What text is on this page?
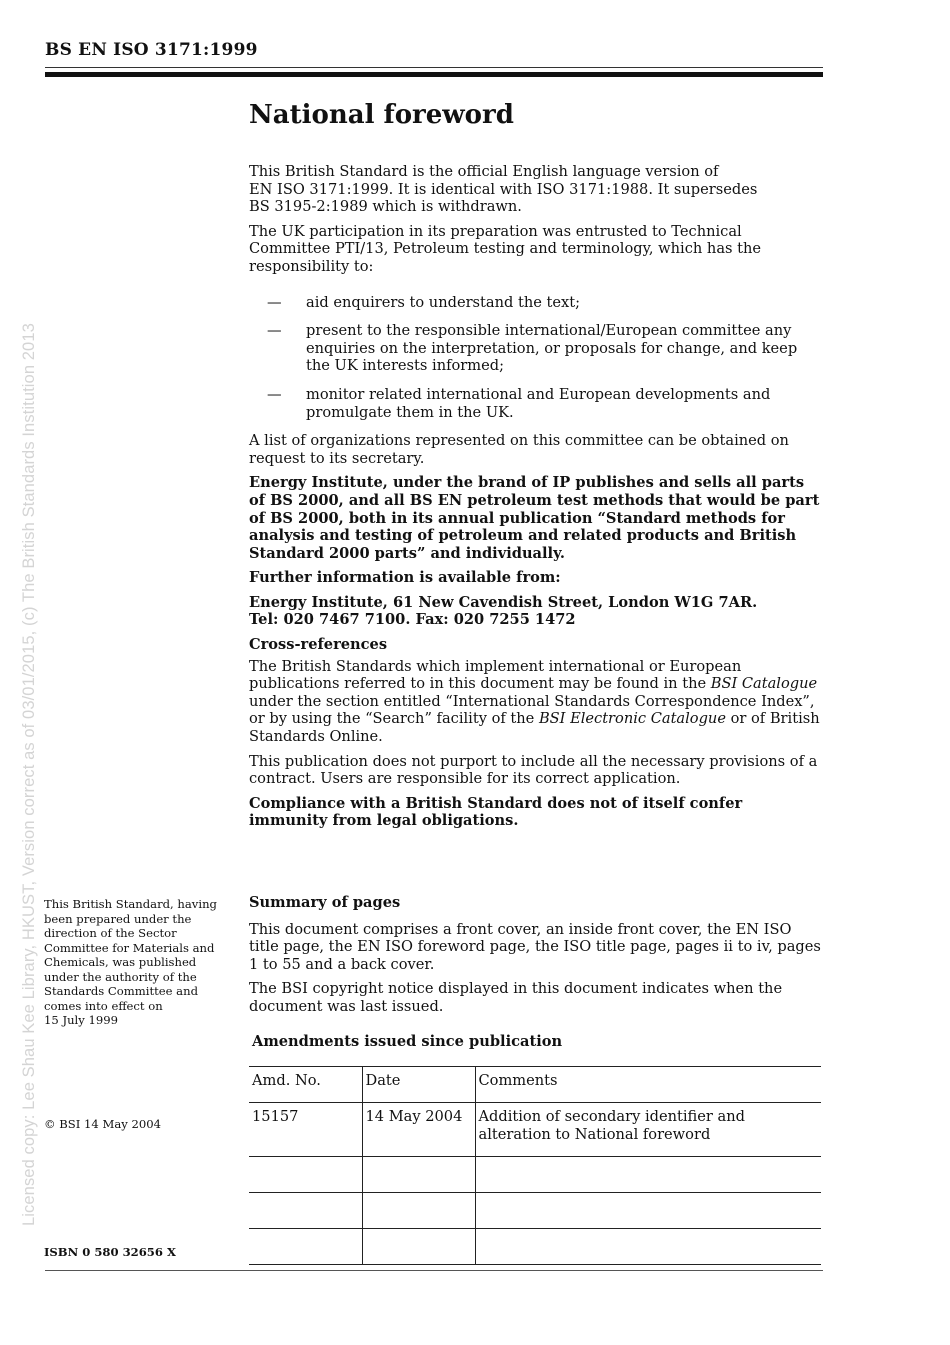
BS EN ISO 3171:1999
Licensed copy: Lee Shau Kee Library, HKUST, Version correct as of 03/01/2015, (c) The British Standards Institution 2013
National foreword

This British Standard is the official English language version of
EN ISO 3171:1999. It is identical with ISO 3171:1988. It supersedes
BS 3195-2:1989 which is withdrawn.

The UK participation in its preparation was entrusted to Technical Committee PTI/13, Petroleum testing and terminology, which has the responsibility to:

— aid enquirers to understand the text;
— present to the responsible international/European committee any enquiries on the interpretation, or proposals for change, and keep the UK interests informed;
— monitor related international and European developments and promulgate them in the UK.

A list of organizations represented on this committee can be obtained on request to its secretary.

Energy Institute, under the brand of IP publishes and sells all parts of BS 2000, and all BS EN petroleum test methods that would be part of BS 2000, both in its annual publication “Standard methods for analysis and testing of petroleum and related products and British Standard 2000 parts” and individually.

Further information is available from:

Energy Institute, 61 New Cavendish Street, London W1G 7AR.
Tel: 020 7467 7100. Fax: 020 7255 1472

Cross-references

The British Standards which implement international or European publications referred to in this document may be found in the BSI Catalogue under the section entitled “International Standards Correspondence Index”, or by using the “Search” facility of the BSI Electronic Catalogue or of British Standards Online.

This publication does not purport to include all the necessary provisions of a contract. Users are responsible for its correct application.

Compliance with a British Standard does not of itself confer immunity from legal obligations.

This British Standard, having
been prepared under the
direction of the Sector
Committee for Materials and
Chemicals, was published
under the authority of the
Standards Committee and
comes into effect on
15 July 1999
© BSI 14 May 2004
ISBN 0 580 32656 X

Summary of pages

This document comprises a front cover, an inside front cover, the EN ISO title page, the EN ISO foreword page, the ISO title page, pages ii to iv, pages 1 to 55 and a back cover.

The BSI copyright notice displayed in this document indicates when the document was last issued.

Amendments issued since publication
Amd. No.	Date	Comments
15157	14 May 2004	Addition of secondary identifier and alteration to National foreword
